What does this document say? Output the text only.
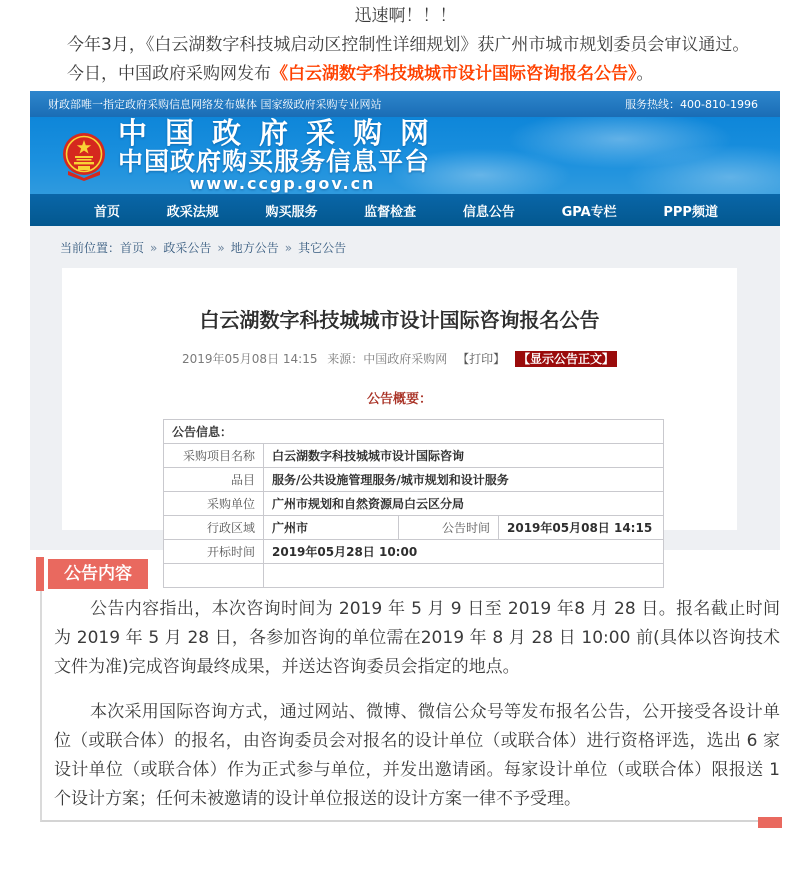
迅速啊！！！

今年3月，《白云湖数字科技城启动区控制性详细规划》获广州市城市规划委员会审议通过。

今日，中国政府采购网发布《白云湖数字科技城城市设计国际咨询报名公告》。

财政部唯一指定政府采购信息网络发布媒体 国家级政府采购专业网站	服务热线：400-810-1996
中国政府采购网
中国政府购买服务信息平台
www.ccgp.gov.cn
首页	政采法规	购买服务	监督检查	信息公告	GPA专栏	PPP频道
当前位置：首页 » 政采公告 » 地方公告 » 其它公告
白云湖数字科技城城市设计国际咨询报名公告
2019年05月08日 14:15 来源：中国政府采购网 【打印】 【显示公告正文】
公告概要：
公告信息：			
采购项目名称	白云湖数字科技城城市设计国际咨询		
品目	服务/公共设施管理服务/城市规划和设计服务		
采购单位	广州市规划和自然资源局白云区分局		
行政区域	广州市	公告时间	2019年05月08日 14:15
开标时间	2019年05月28日 10:00		

公告内容

公告内容指出，本次咨询时间为 2019 年 5 月 9 日至 2019 年8 月 28 日。报名截止时间为 2019 年 5 月 28 日，各参加咨询的单位需在2019 年 8 月 28 日 10:00 前(具体以咨询技术文件为准)完成咨询最终成果，并送达咨询委员会指定的地点。

本次采用国际咨询方式，通过网站、微博、微信公众号等发布报名公告，公开接受各设计单位（或联合体）的报名，由咨询委员会对报名的设计单位（或联合体）进行资格评选，选出 6 家设计单位（或联合体）作为正式参与单位，并发出邀请函。每家设计单位（或联合体）限报送 1 个设计方案；任何未被邀请的设计单位报送的设计方案一律不予受理。
